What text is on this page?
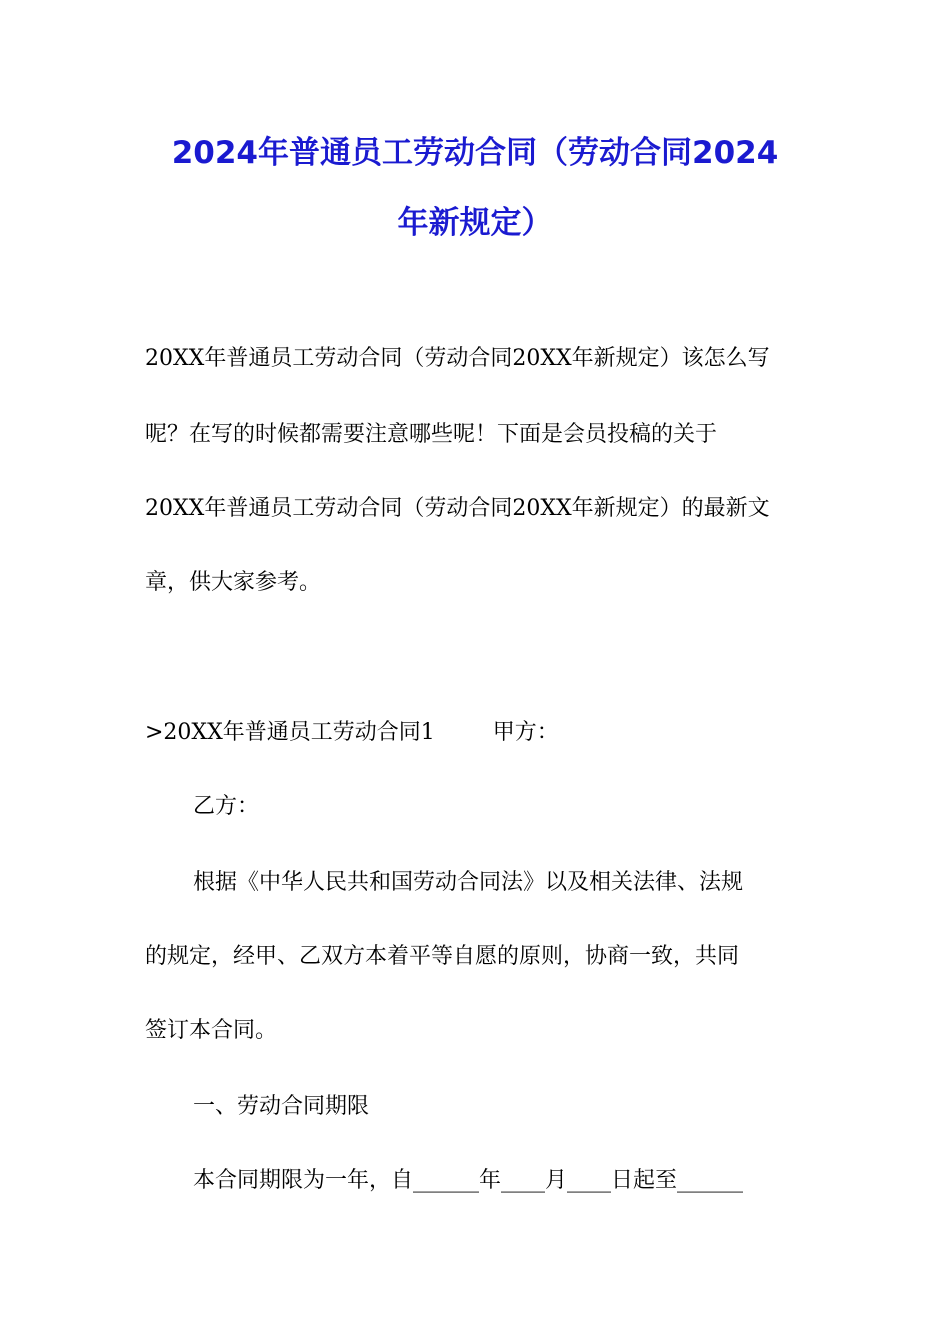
2024年普通员工劳动合同（劳动合同2024
年新规定）
20XX年普通员工劳动合同（劳动合同20XX年新规定）该怎么写
呢？在写的时候都需要注意哪些呢！下面是会员投稿的关于
20XX年普通员工劳动合同（劳动合同20XX年新规定）的最新文
章，供大家参考。
>20XX年普通员工劳动合同1	甲方：
乙方：
根据《中华人民共和国劳动合同法》以及相关法律、法规
的规定，经甲、乙双方本着平等自愿的原则，协商一致，共同
签订本合同。
一、劳动合同期限
本合同期限为一年，自______年____月____日起至______
